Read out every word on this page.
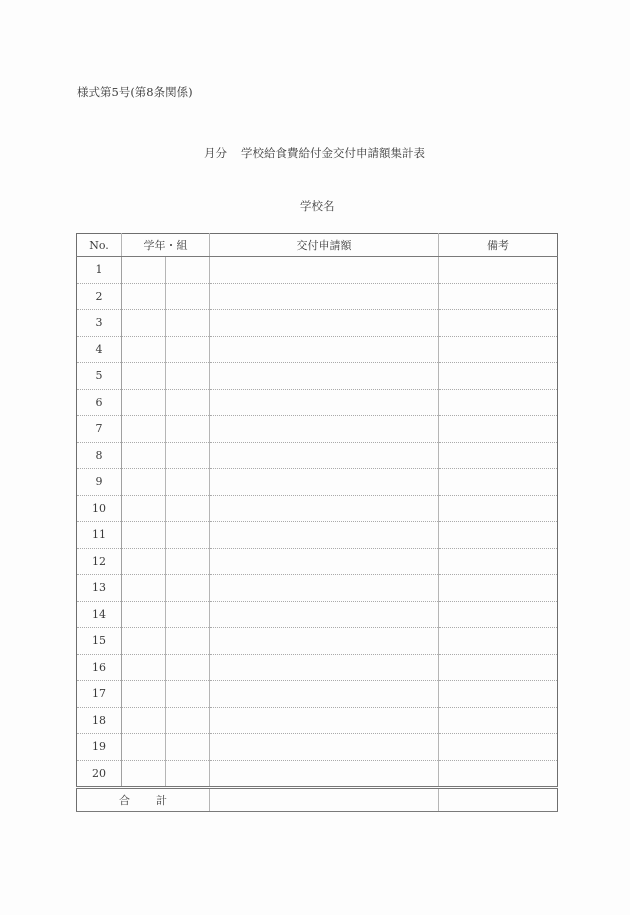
様式第5号(第8条関係)
月分 学校給食費給付金交付申請額集計表
学校名
No.	学年・組		交付申請額	備考
1				
2				
3				
4				
5				
6				
7				
8				
9				
10				
11				
12				
13				
14				
15				
16				
17				
18				
19				
20				
合 計				
